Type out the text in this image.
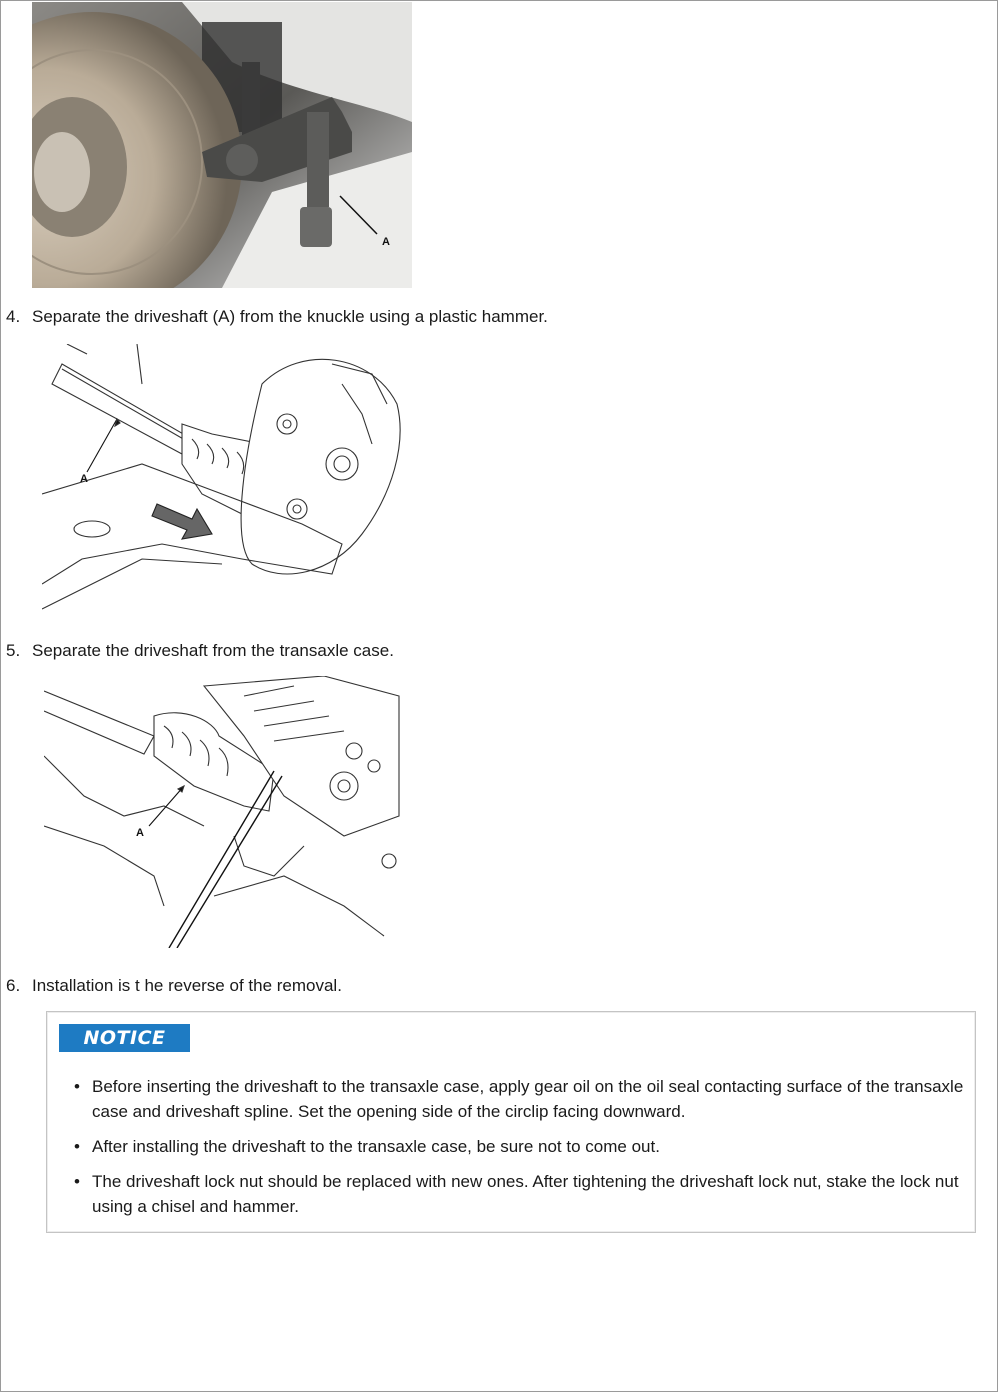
A
4. Separate the driveshaft (A) from the knuckle using a plastic hammer.
A
5. Separate the driveshaft from the transaxle case.
A
6. Installation is t he reverse of the removal.
NOTICE
• Before inserting the driveshaft to the transaxle case, apply gear oil on the oil seal contacting surface of the transaxle case and driveshaft spline. Set the opening side of the circlip facing downward.
• After installing the driveshaft to the transaxle case, be sure not to come out.
• The driveshaft lock nut should be replaced with new ones. After tightening the driveshaft lock nut, stake the lock nut using a chisel and hammer.
